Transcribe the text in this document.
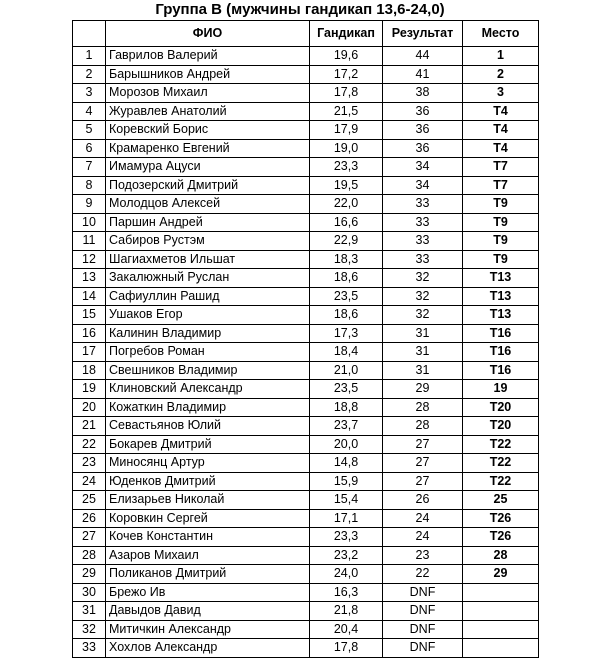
Группа В (мужчины гандикап 13,6-24,0)
	ФИО	Гандикап	Результат	Место
1	Гаврилов Валерий	19,6	44	1
2	Барышников Андрей	17,2	41	2
3	Морозов Михаил	17,8	38	3
4	Журавлев Анатолий	21,5	36	T4
5	Коревский Борис	17,9	36	T4
6	Крамаренко Евгений	19,0	36	T4
7	Имамура Ацуси	23,3	34	T7
8	Подозерский Дмитрий	19,5	34	T7
9	Молодцов Алексей	22,0	33	T9
10	Паршин Андрей	16,6	33	T9
11	Сабиров Рустэм	22,9	33	T9
12	Шагиахметов Ильшат	18,3	33	T9
13	Закалюжный Руслан	18,6	32	T13
14	Сафиуллин Рашид	23,5	32	T13
15	Ушаков Егор	18,6	32	T13
16	Калинин Владимир	17,3	31	T16
17	Погребов Роман	18,4	31	T16
18	Свешников Владимир	21,0	31	T16
19	Клиновский Александр	23,5	29	19
20	Кожаткин Владимир	18,8	28	T20
21	Севастьянов Юлий	23,7	28	T20
22	Бокарев Дмитрий	20,0	27	T22
23	Миносянц Артур	14,8	27	T22
24	Юденков Дмитрий	15,9	27	T22
25	Елизарьев Николай	15,4	26	25
26	Коровкин Сергей	17,1	24	T26
27	Кочев Константин	23,3	24	T26
28	Азаров Михаил	23,2	23	28
29	Поликанов Дмитрий	24,0	22	29
30	Брежо Ив	16,3	DNF	
31	Давыдов Давид	21,8	DNF	
32	Митичкин Александр	20,4	DNF	
33	Хохлов Александр	17,8	DNF	
